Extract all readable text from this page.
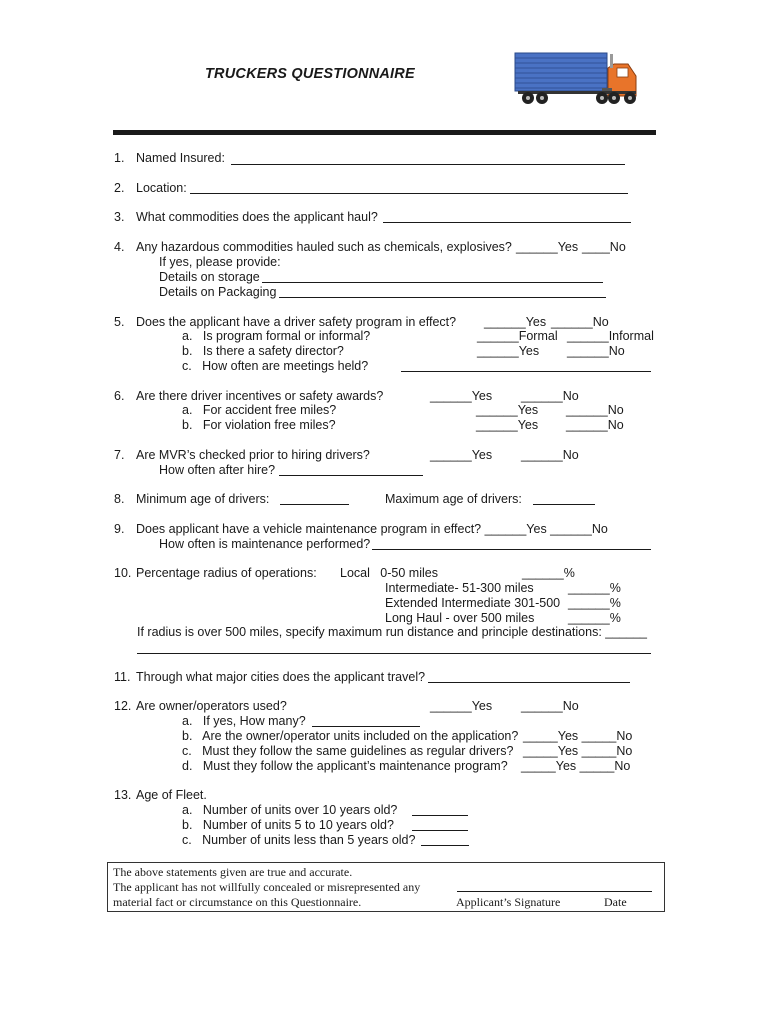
TRUCKERS QUESTIONNAIRE
1. Named Insured:
2. Location:
3. What commodities does the applicant haul?
4. Any hazardous commodities hauled such as chemicals, explosives? ______Yes ____No
If yes, please provide:
Details on storage
Details on Packaging
5. Does the applicant have a driver safety program in effect? ______Yes ______No
a.   Is program formal or informal?	______Formal ______Informal
b.   Is there a safety director?	______Yes ______No
c.   How often are meetings held?
6. Are there driver incentives or safety awards?	______Yes ______No
a.   For accident free miles?	______Yes ______No
b.   For violation free miles?	______Yes ______No
7. Are MVR’s checked prior to hiring drivers?	______Yes ______No
How often after hire?
8. Minimum age of drivers:	Maximum age of drivers:
9. Does applicant have a vehicle maintenance program in effect? ______Yes ______No
How often is maintenance performed?
10. Percentage radius of operations: Local   0-50 miles	______%
Intermediate- 51-300 miles	______%
Extended Intermediate 301-500 ______%
Long Haul - over 500 miles	______%
If radius is over 500 miles, specify maximum run distance and principle destinations: ______
11. Through what major cities does the applicant travel?
12. Are owner/operators used?	______Yes ______No
a.   If yes, How many?
b.   Are the owner/operator units included on the application? _____Yes _____No
c.   Must they follow the same guidelines as regular drivers? _____Yes _____No
d.   Must they follow the applicant’s maintenance program? _____Yes _____No
13. Age of Fleet.
a.   Number of units over 10 years old?
b.   Number of units 5 to 10 years old?
c.   Number of units less than 5 years old?
The above statements given are true and accurate.
The applicant has not willfully concealed or misrepresented any
material fact or circumstance on this Questionnaire.	Applicant’s Signature	Date
